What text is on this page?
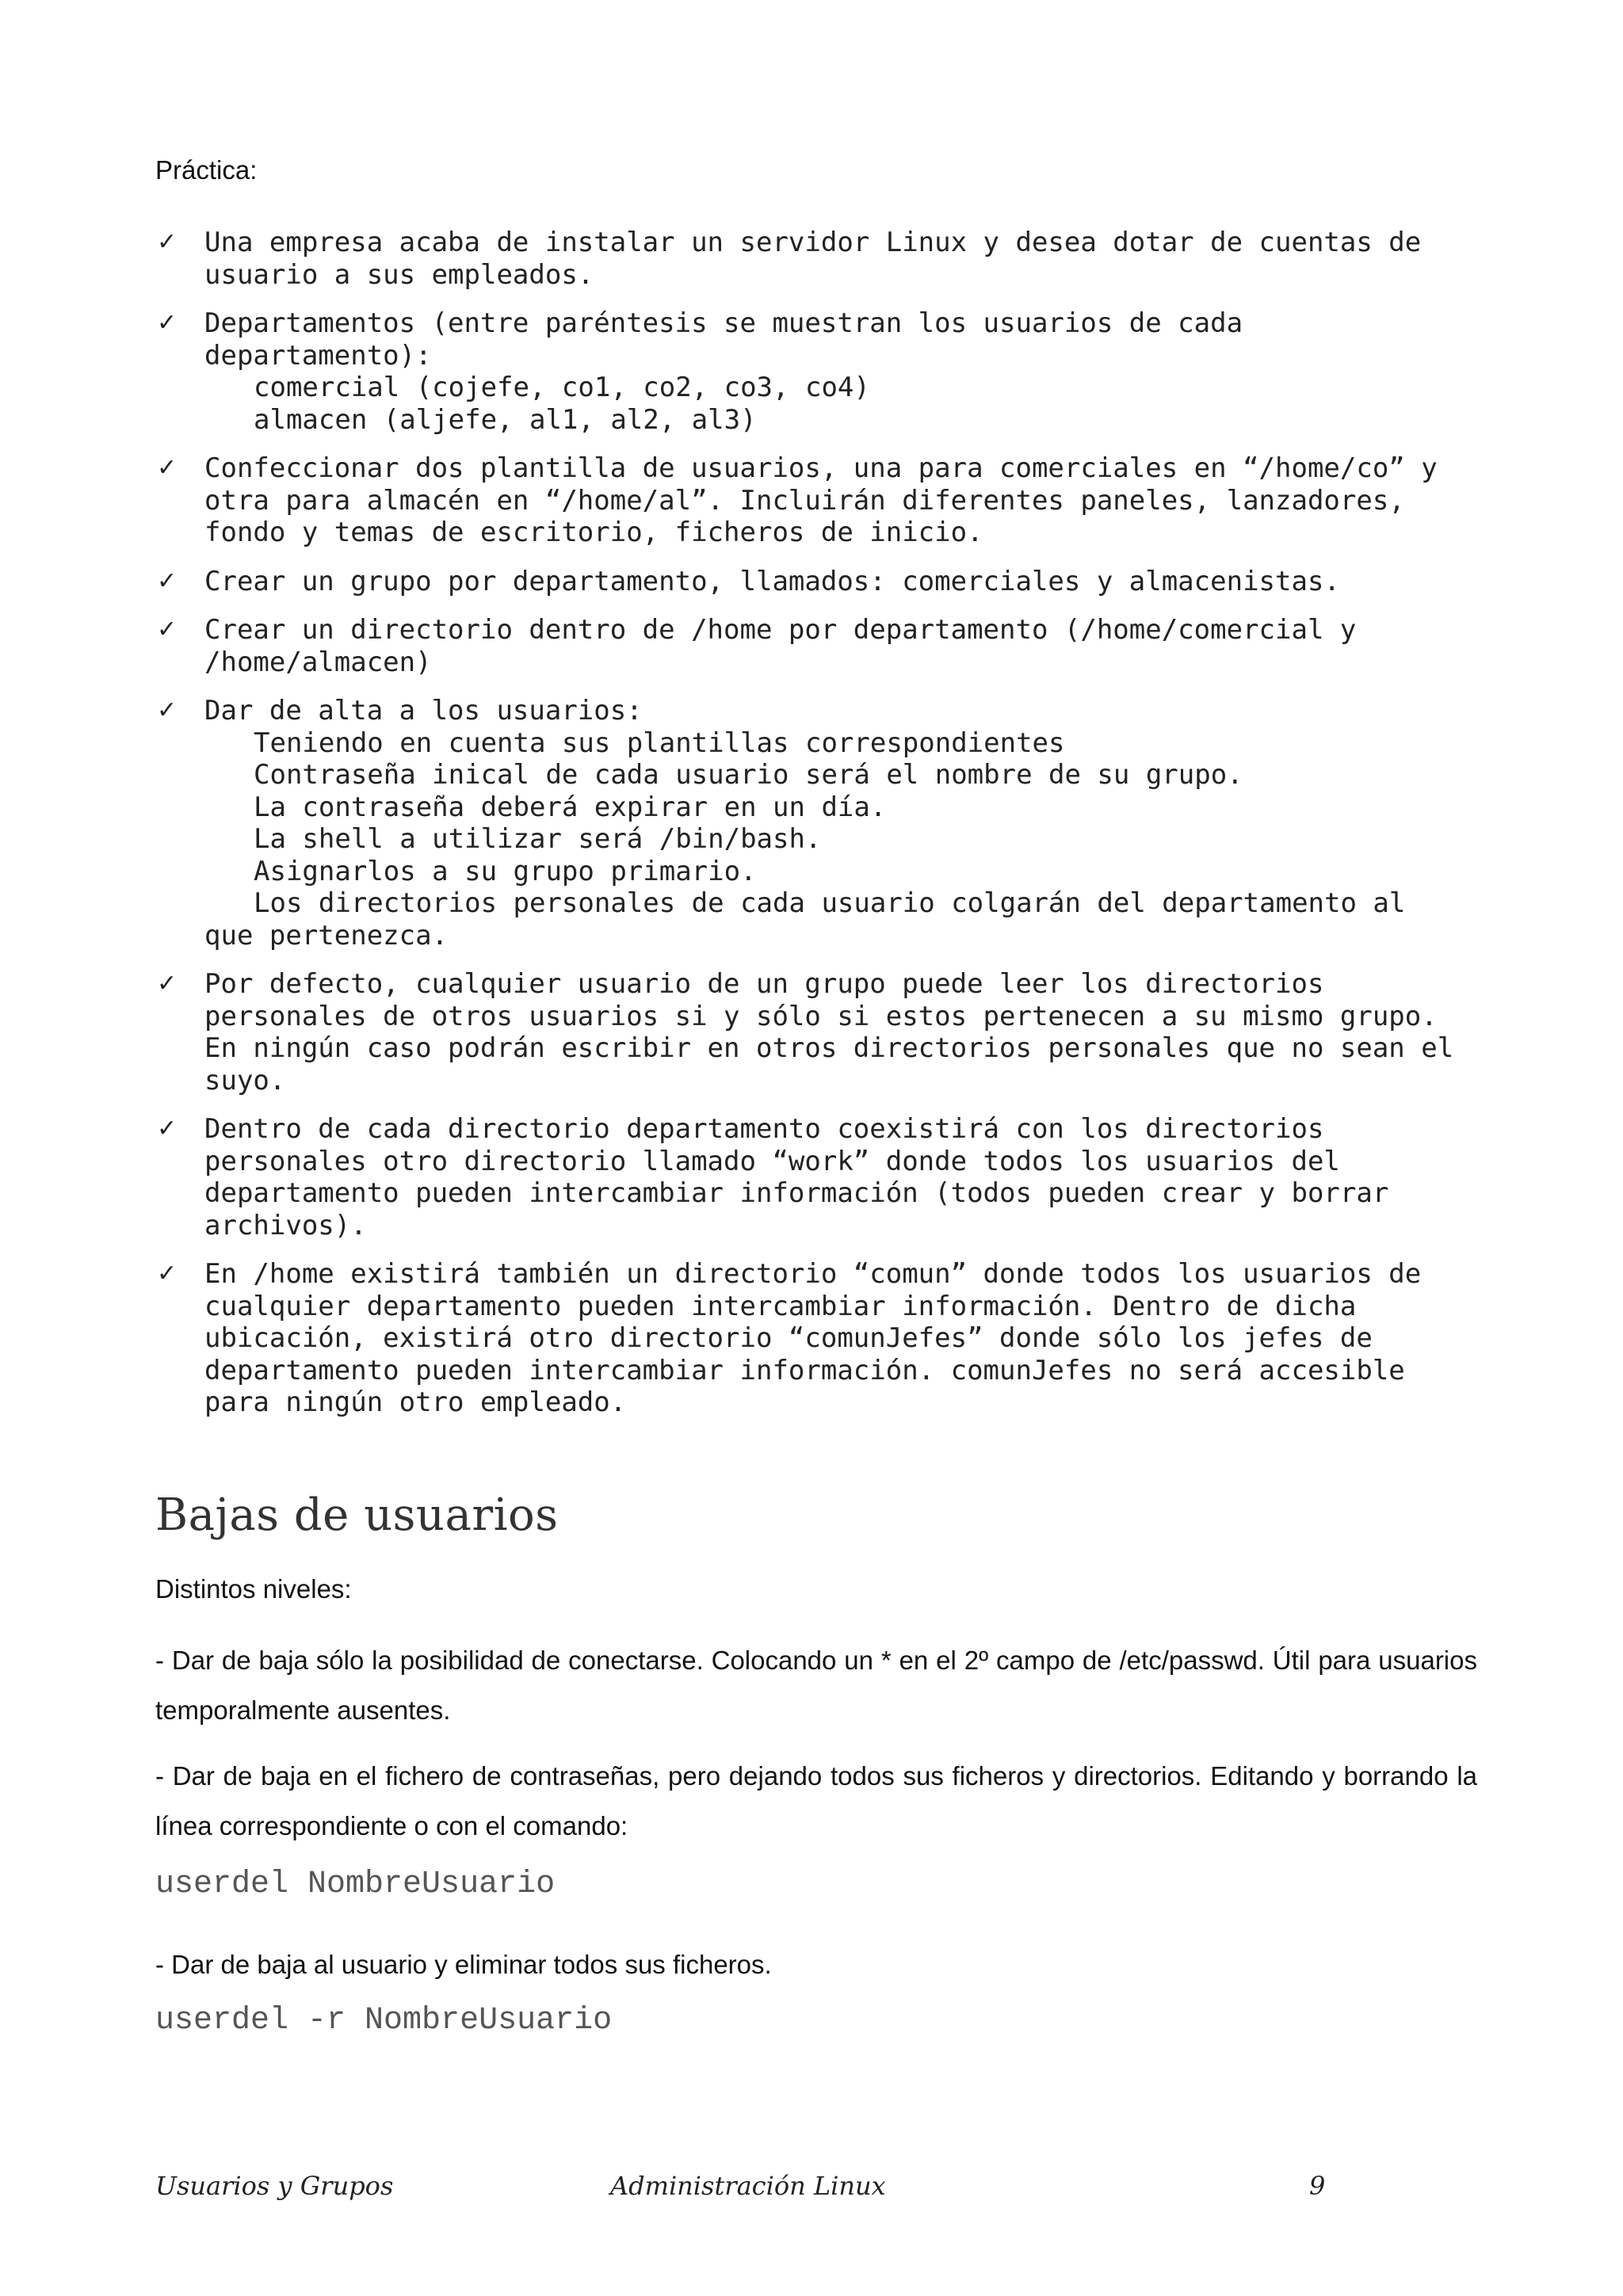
Práctica:
✓ Una empresa acaba de instalar un servidor Linux y desea dotar de cuentas de
usuario a sus empleados.
✓ Departamentos (entre paréntesis se muestran los usuarios de cada
departamento):
comercial (cojefe, co1, co2, co3, co4)
almacen (aljefe, al1, al2, al3)
✓ Confeccionar dos plantilla de usuarios, una para comerciales en “/home/co” y
otra para almacén en “/home/al”. Incluirán diferentes paneles, lanzadores,
fondo y temas de escritorio, ficheros de inicio.
✓ Crear un grupo por departamento, llamados: comerciales y almacenistas.
✓ Crear un directorio dentro de /home por departamento (/home/comercial y
/home/almacen)
✓ Dar de alta a los usuarios:
Teniendo en cuenta sus plantillas correspondientes
Contraseña inical de cada usuario será el nombre de su grupo.
La contraseña deberá expirar en un día.
La shell a utilizar será /bin/bash.
Asignarlos a su grupo primario.
Los directorios personales de cada usuario colgarán del departamento al
que pertenezca.
✓ Por defecto, cualquier usuario de un grupo puede leer los directorios
personales de otros usuarios si y sólo si estos pertenecen a su mismo grupo.
En ningún caso podrán escribir en otros directorios personales que no sean el
suyo.
✓ Dentro de cada directorio departamento coexistirá con los directorios
personales otro directorio llamado “work” donde todos los usuarios del
departamento pueden intercambiar información (todos pueden crear y borrar
archivos).
✓ En /home existirá también un directorio “comun” donde todos los usuarios de
cualquier departamento pueden intercambiar información. Dentro de dicha
ubicación, existirá otro directorio “comunJefes” donde sólo los jefes de
departamento pueden intercambiar información. comunJefes no será accesible
para ningún otro empleado.
Bajas de usuarios
Distintos niveles:
- Dar de baja sólo la posibilidad de conectarse. Colocando un * en el 2º campo de /etc/passwd. Útil para usuarios temporalmente ausentes.
- Dar de baja en el fichero de contraseñas, pero dejando todos sus ficheros y directorios. Editando y borrando la línea correspondiente o con el comando:
userdel NombreUsuario
- Dar de baja al usuario y eliminar todos sus ficheros.
userdel -r NombreUsuario
Usuarios y Grupos	Administración Linux	9
